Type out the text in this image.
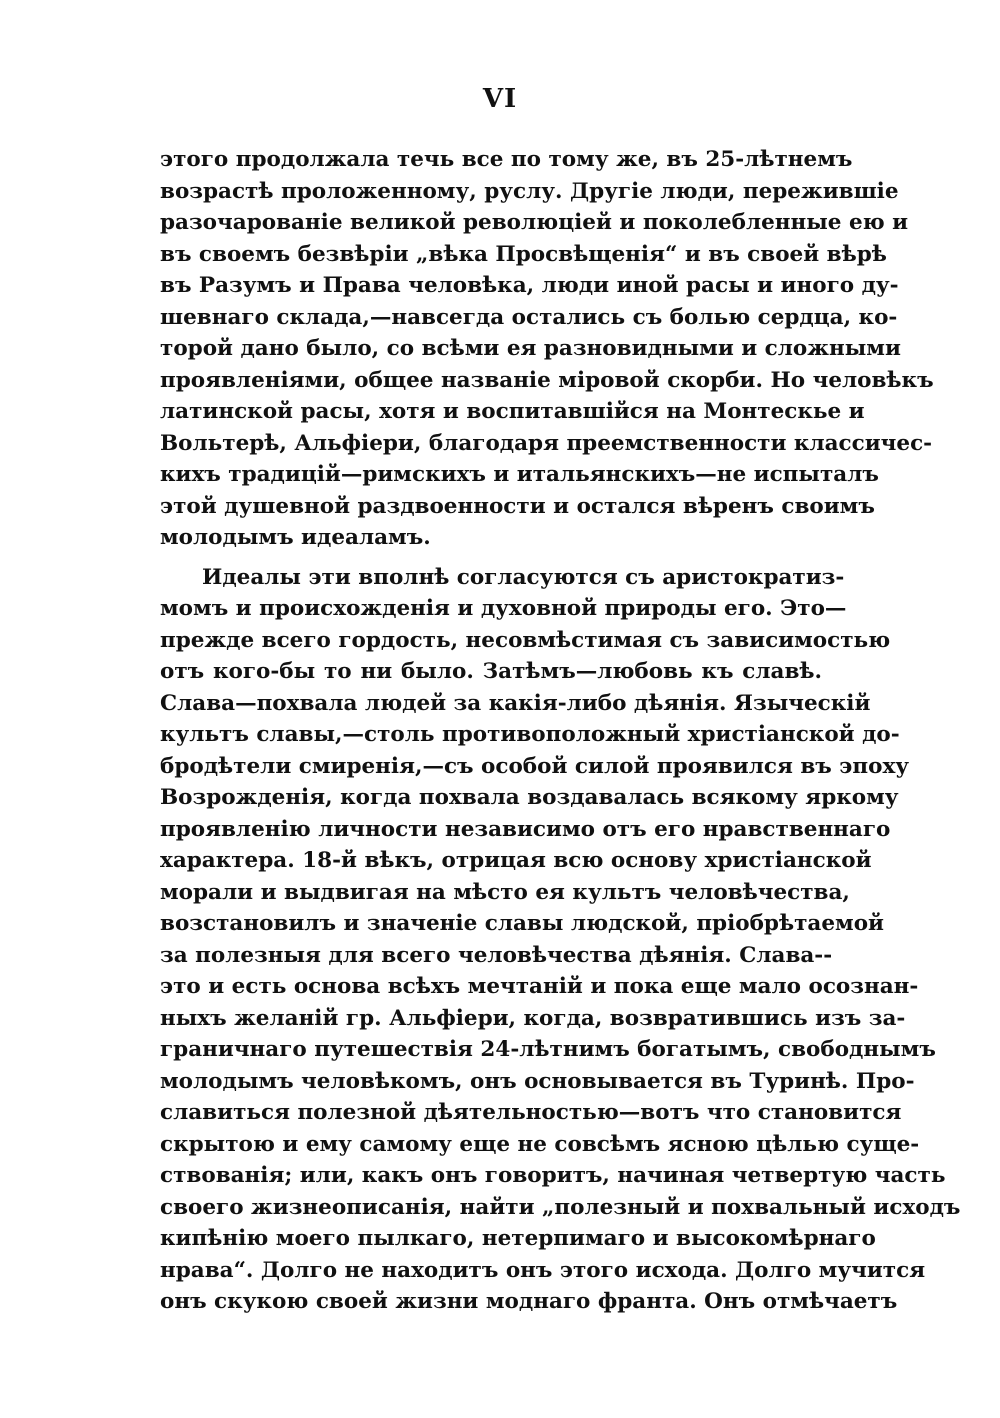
VI
этого продолжала течь все по тому же, въ 25-лѣтнемъ
возрастѣ проложенному, руслу. Другіе люди, пережившіе
разочарованіе великой революціей и поколебленные ею и
въ своемъ безвѣріи „вѣка Просвѣщенія“ и въ своей вѣрѣ
въ Разумъ и Права человѣка, люди иной расы и иного ду-
шевнаго склада,—навсегда остались съ болью сердца, ко-
торой дано было, со всѣми ея разновидными и сложными
проявленіями, общее названіе міровой скорби. Но человѣкъ
латинской расы, хотя и воспитавшійся на Монтескье и
Вольтерѣ, Альфіери, благодаря преемственности классичес-
кихъ традицій—римскихъ и итальянскихъ—не испыталъ
этой душевной раздвоенности и остался вѣренъ своимъ
молодымъ идеаламъ.
Идеалы эти вполнѣ согласуются съ аристократиз-
момъ и происхожденія и духовной природы его. Это—
прежде всего гордость, несовмѣстимая съ зависимостью
отъ кого-бы то ни было. Затѣмъ—любовь къ славѣ.
Слава—похвала людей за какія-либо дѣянія. Языческій
культъ славы,—столь противоположный христіанской до-
бродѣтели смиренія,—съ особой силой проявился въ эпоху
Возрожденія, когда похвала воздавалась всякому яркому
проявленію личности независимо отъ его нравственнаго
характера. 18-й вѣкъ, отрицая всю основу христіанской
морали и выдвигая на мѣсто ея культъ человѣчества,
возстановилъ и значеніе славы людской, пріобрѣтаемой
за полезныя для всего человѣчества дѣянія. Слава--
это и есть основа всѣхъ мечтаній и пока еще мало осознан-
ныхъ желаній гр. Альфіери, когда, возвратившись изъ за-
граничнаго путешествія 24-лѣтнимъ богатымъ, свободнымъ
молодымъ человѣкомъ, онъ основывается въ Туринѣ. Про-
славиться полезной дѣятельностью—вотъ что становится
скрытою и ему самому еще не совсѣмъ ясною цѣлью суще-
ствованія; или, какъ онъ говоритъ, начиная четвертую часть
своего жизнеописанія, найти „полезный и похвальный исходъ
кипѣнію моего пылкаго, нетерпимаго и высокомѣрнаго
нрава“. Долго не находитъ онъ этого исхода. Долго мучится
онъ скукою своей жизни моднаго франта. Онъ отмѣчаетъ
